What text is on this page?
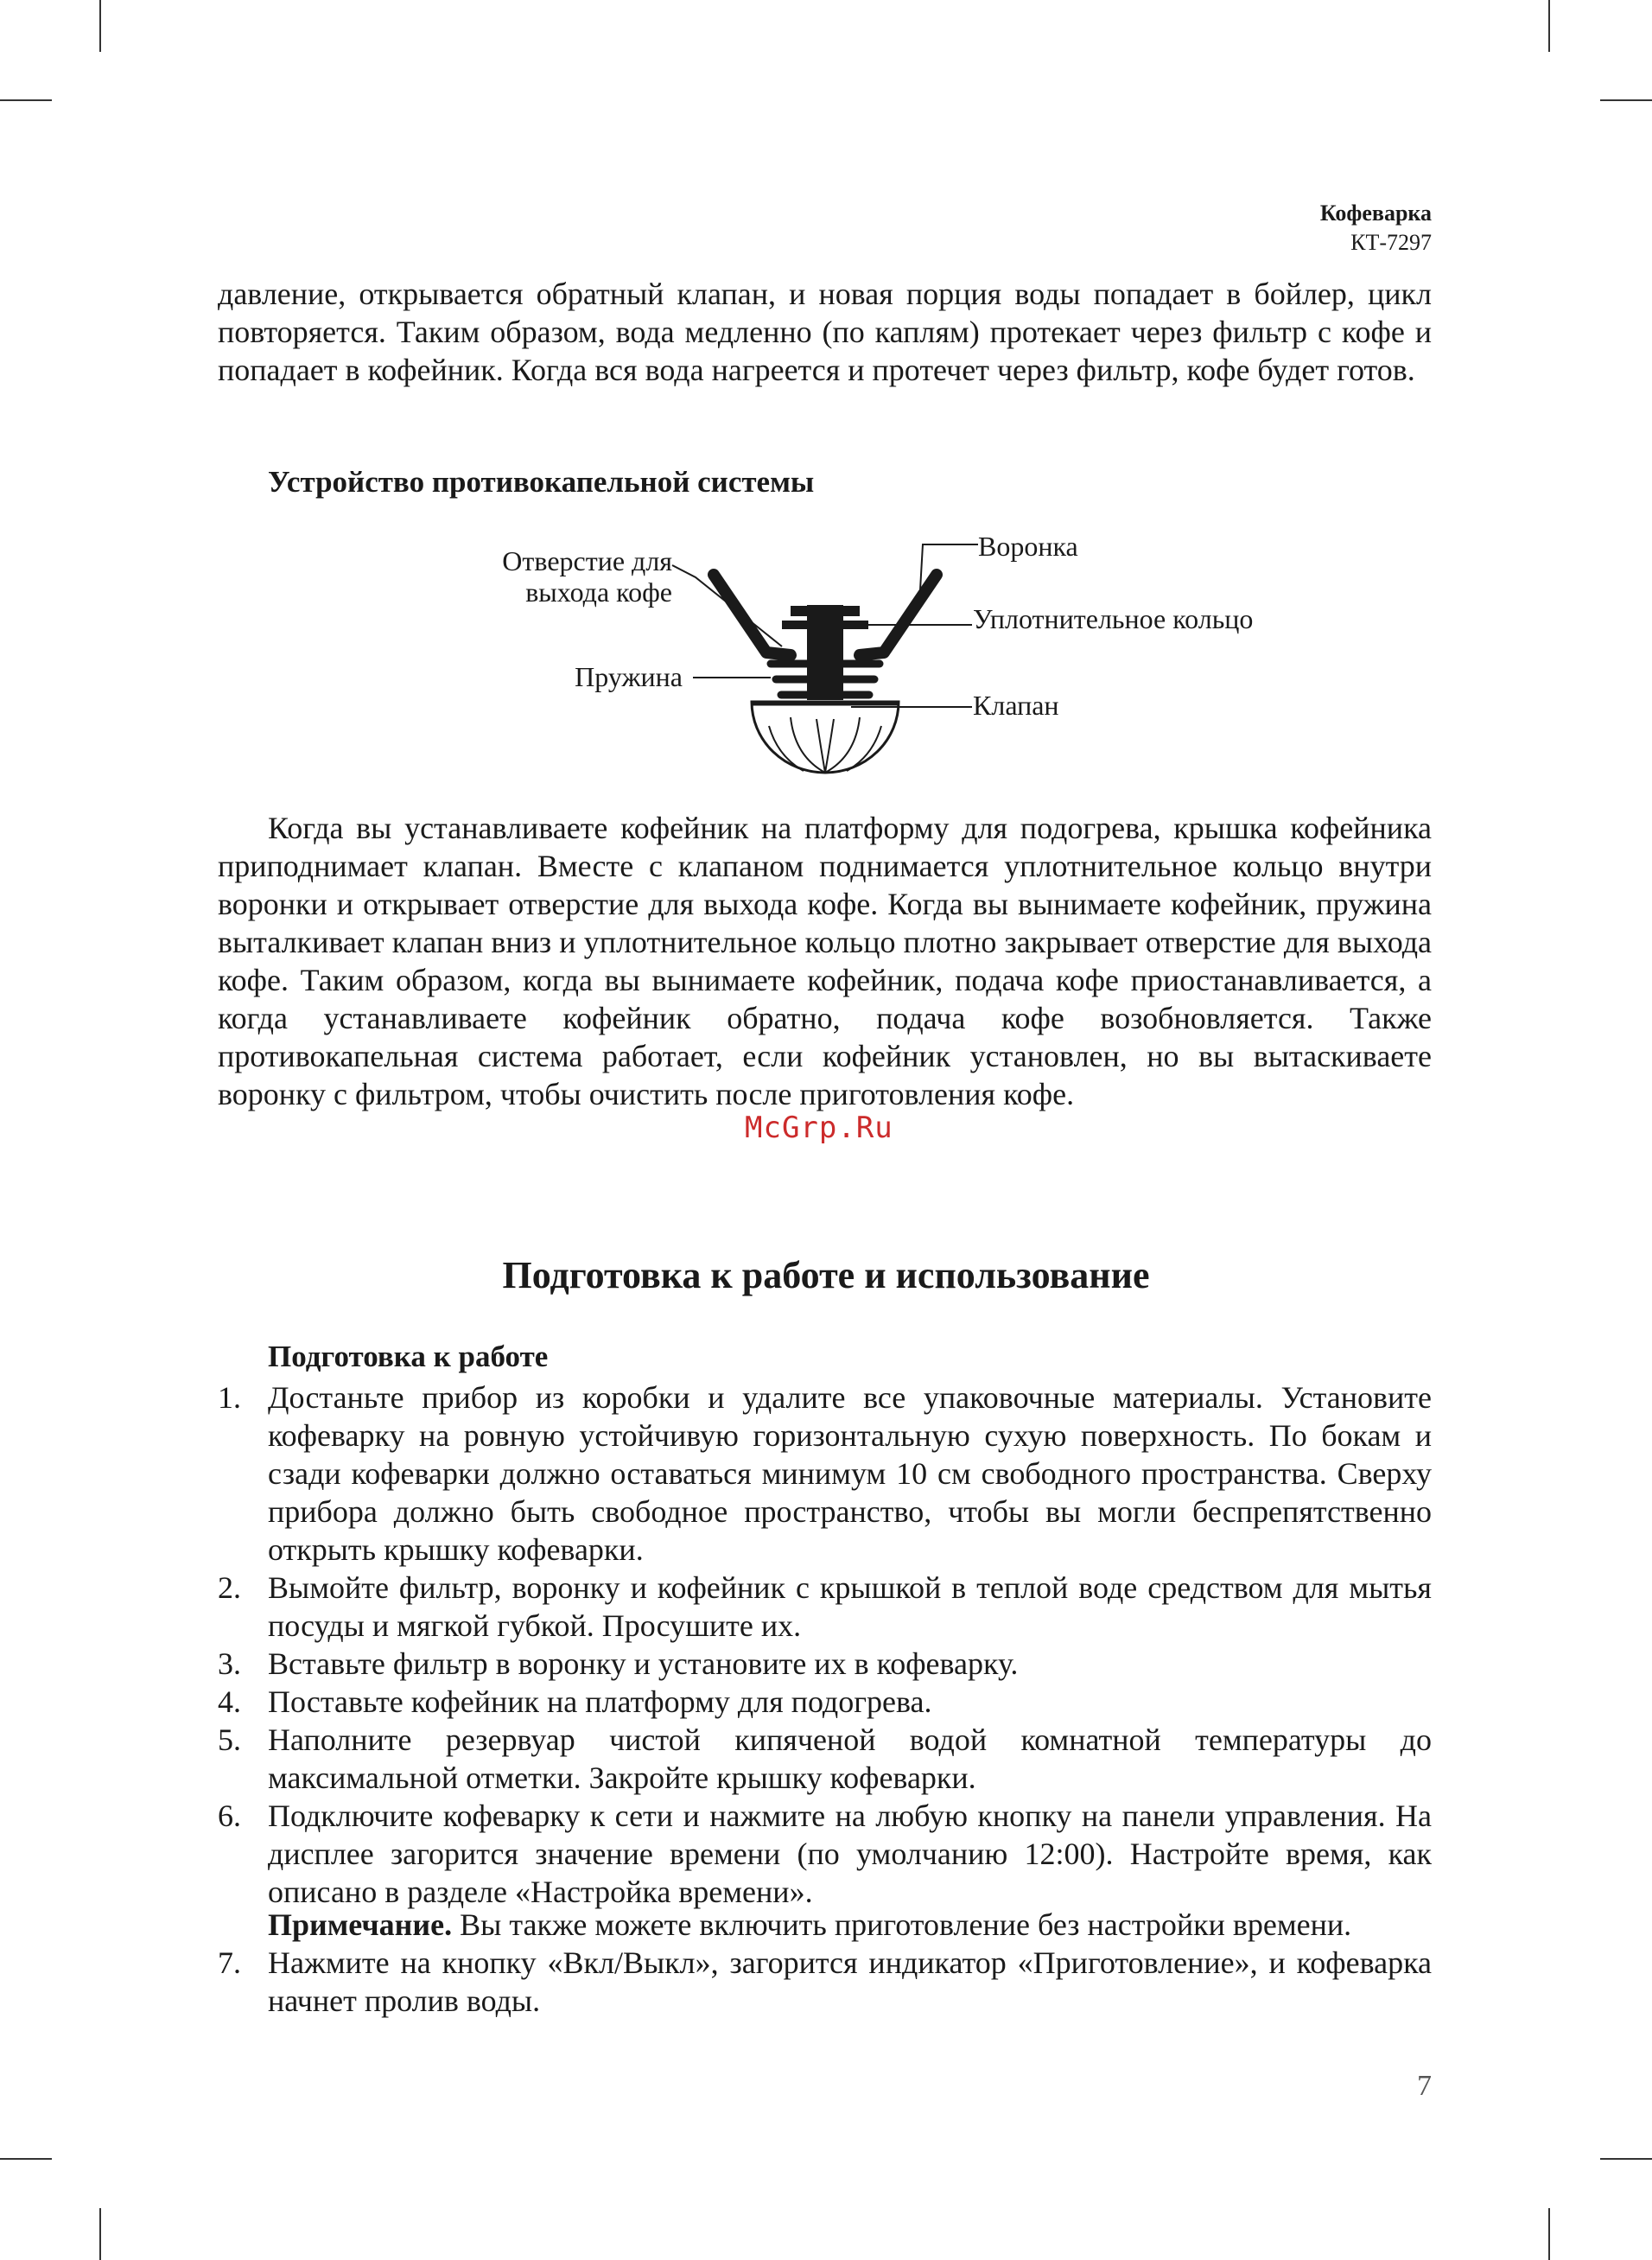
Кофеварка
КТ-7297

давление, открывается обратный клапан, и новая порция воды попадает в бойлер, цикл повторяется. Таким образом, вода медленно (по каплям) протекает через фильтр с кофе и попадает в кофейник. Когда вся вода нагреется и протечет через фильтр, кофе будет готов.

Устройство противокапельной системы
Отверстие для
выхода кофе
Пружина
Воронка
Уплотнительное кольцо
Клапан

Когда вы устанавливаете кофейник на платформу для подогрева, крышка кофейника приподнимает клапан. Вместе с клапаном поднимается уплотнительное кольцо внутри воронки и открывает отверстие для выхода кофе. Когда вы вынимаете кофейник, пружина выталкивает клапан вниз и уплотнительное кольцо плотно закрывает отверстие для выхода кофе. Таким образом, когда вы вынимаете кофейник, подача кофе приостанавливается, а когда устанавливаете кофейник обратно, подача кофе возобновляется. Также противокапельная система работает, если кофейник установлен, но вы вытаскиваете воронку с фильтром, чтобы очистить после приготовления кофе.

McGrp.Ru
Подготовка к работе и использование
Подготовка к работе
1. Достаньте прибор из коробки и удалите все упаковочные материалы. Установите кофеварку на ровную устойчивую горизонтальную сухую поверхность. По бокам и сзади кофеварки должно оставаться минимум 10 см свободного пространства. Сверху прибора должно быть свободное пространство, чтобы вы могли беспрепятственно открыть крышку кофеварки.
2. Вымойте фильтр, воронку и кофейник с крышкой в теплой воде средством для мытья посуды и мягкой губкой. Просушите их.
3. Вставьте фильтр в воронку и установите их в кофеварку.
4. Поставьте кофейник на платформу для подогрева.
5. Наполните резервуар чистой кипяченой водой комнатной температуры до максимальной отметки. Закройте крышку кофеварки.
6. Подключите кофеварку к сети и нажмите на любую кнопку на панели управления. На дисплее загорится значение времени (по умолчанию 12:00). Настройте время, как описано в разделе «Настройка времени».

Примечание. Вы также можете включить приготовление без настройки времени.

7. Нажмите на кнопку «Вкл/Выкл», загорится индикатор «Приготовление», и кофеварка начнет пролив воды.
7
